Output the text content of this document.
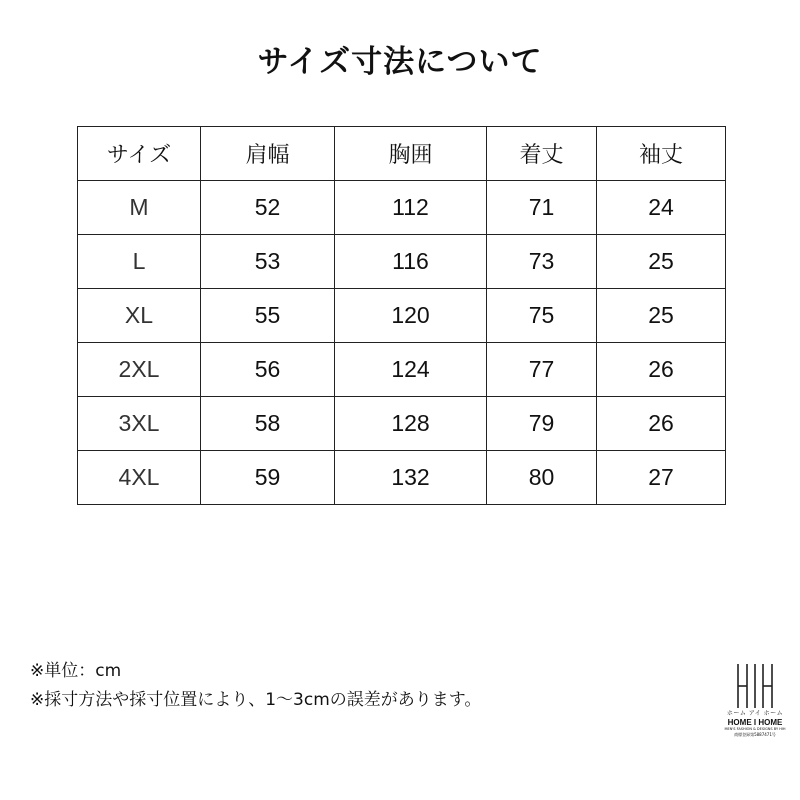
サイズ寸法について
サイズ	肩幅	胸囲	着丈	袖丈
M	52	112	71	24
L	53	116	73	25
XL	55	120	75	25
2XL	56	124	77	26
3XL	58	128	79	26
4XL	59	132	80	27
※単位：cm
※採寸方法や採寸位置により、1～3cmの誤差があります。
ホーム アイ ホーム
HOME I HOME
MEN'S FASHION & DESIGNS BY HIH
商標登録第5887471号
